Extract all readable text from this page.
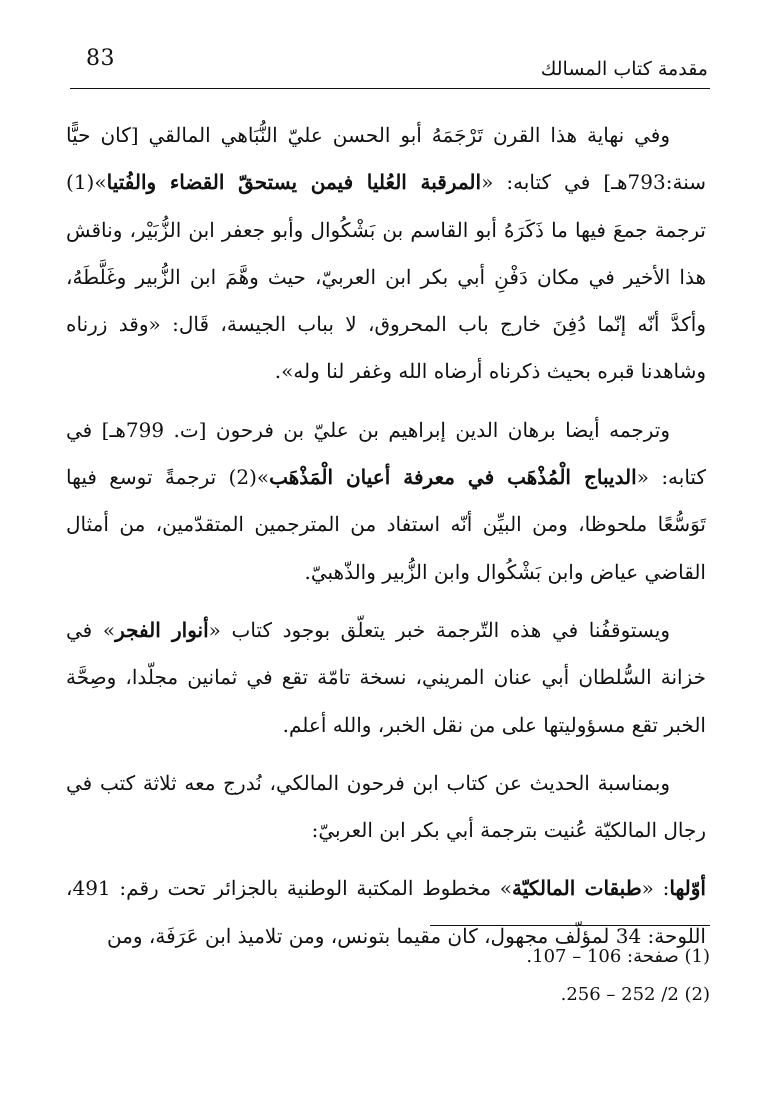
83	مقدمة كتاب المسالك

وفي نهاية هذا القرن تَرْجَمَهُ أبو الحسن عليّ النُّبَاهي المالقي [كان حيًّا سنة:793هـ] في كتابه: «المرقبة العُليا فيمن يستحقّ القضاء والفُتيا»(1) ترجمة جمعَ فيها ما ذَكَرَهُ أبو القاسم بن بَشْكُوال وأبو جعفر ابن الزُّبَيْر، وناقش هذا الأخير في مكان دَفْنِ أبي بكر ابن العربيّ، حيث وهَّمَ ابن الزُّبير وغَلَّطَهُ، وأكدَّ أنّه إنّما دُفِنَ خارج باب المحروق، لا بباب الجيسة، قَال: «وقد زرناه وشاهدنا قبره بحيث ذكرناه أرضاه الله وغفر لنا وله».

وترجمه أيضا برهان الدين إبراهيم بن عليّ بن فرحون [ت. 799هـ] في كتابه: «الديباج الْمُذْهَب في معرفة أعيان الْمَذْهَب»(2) ترجمةً توسع فيها تَوَسُّعًا ملحوظا، ومن البيِّن أنّه استفاد من المترجمين المتقدّمين، من أمثال القاضي عياض وابن بَشْكُوال وابن الزُّبير والذّهبيّ.

ويستوقفُنا في هذه التّرجمة خبر يتعلّق بوجود كتاب «أنوار الفجر» في خزانة السُّلطان أبي عنان المريني، نسخة تامّة تقع في ثمانين مجلّدا، وصِحَّة الخبر تقع مسؤوليتها على من نقل الخبر، والله أعلم.

وبمناسبة الحديث عن كتاب ابن فرحون المالكي، نُدرج معه ثلاثة كتب في رجال المالكيّة عُنيت بترجمة أبي بكر ابن العربيّ:

أوّلها: «طبقات المالكيّة» مخطوط المكتبة الوطنية بالجزائر تحت رقم: 491، اللوحة: 34 لمؤلّف مجهول، كان مقيما بتونس، ومن تلاميذ ابن عَرَفَة، ومن

(1) صفحة: 106 – 107.
(2) 2/ 252 – 256.
